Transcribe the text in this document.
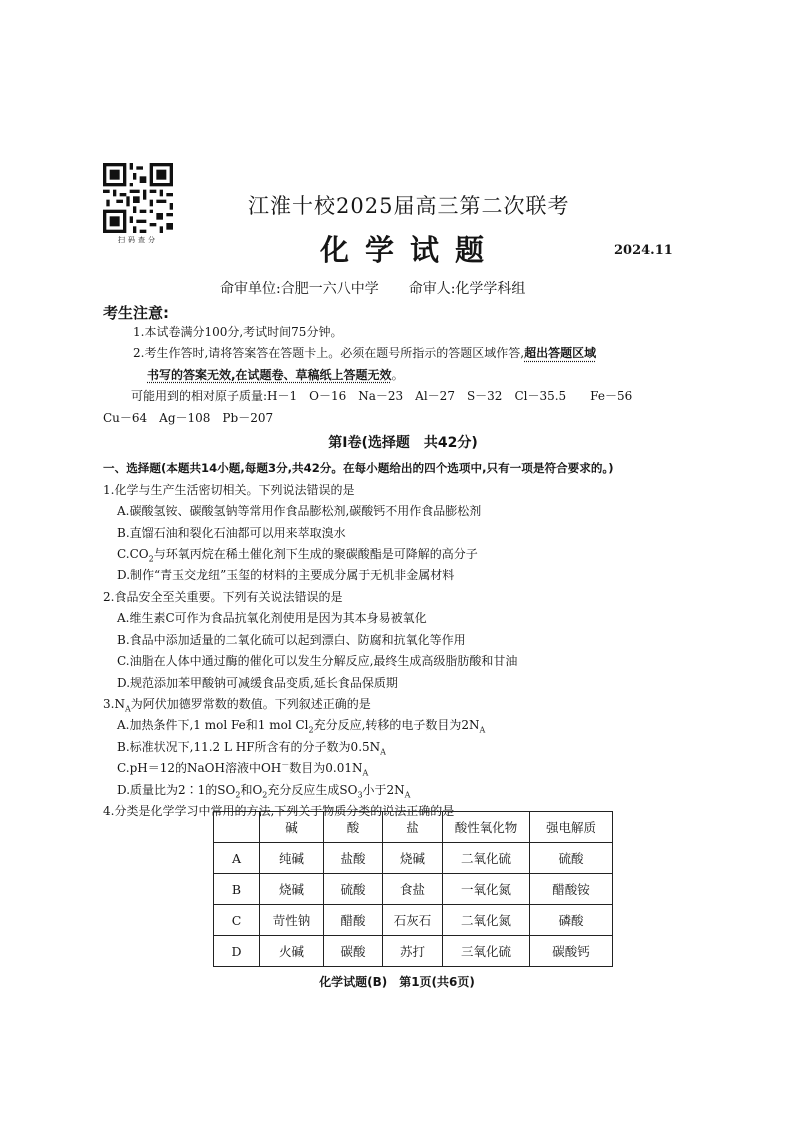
扫码查分
江淮十校2025届高三第二次联考
化学试题	2024.11
命审单位:合肥一六八中学 命审人:化学学科组
考生注意:

1.本试卷满分100分,考试时间75分钟。

2.考生作答时,请将答案答在答题卡上。必须在题号所指示的答题区域作答,超出答题区域

书写的答案无效,在试题卷、草稿纸上答题无效。

可能用到的相对原子质量:H－1　O－16　Na－23　Al－27　S－32　Cl－35.5　　Fe－56

Cu－64　Ag－108　Pb－207

第Ⅰ卷(选择题　共42分)

一、选择题(本题共14小题,每题3分,共42分。在每小题给出的四个选项中,只有一项是符合要求的。)

1.化学与生产生活密切相关。下列说法错误的是

A.碳酸氢铵、碳酸氢钠等常用作食品膨松剂,碳酸钙不用作食品膨松剂

B.直馏石油和裂化石油都可以用来萃取溴水

$C.CO_2$与环氧丙烷在稀土催化剂下生成的聚碳酸酯是可降解的高分子

D.制作“青玉交龙纽”玉玺的材料的主要成分属于无机非金属材料

2.食品安全至关重要。下列有关说法错误的是

A.维生素C可作为食品抗氧化剂使用是因为其本身易被氧化

B.食品中添加适量的二氧化硫可以起到漂白、防腐和抗氧化等作用

C.油脂在人体中通过酶的催化可以发生分解反应,最终生成高级脂肪酸和甘油

D.规范添加苯甲酸钠可减缓食品变质,延长食品保质期

$3.N_A$为阿伏加德罗常数的数值。下列叙述正确的是

A.加热条件下,1 mol Fe和1 mol $Cl_2$充分反应,转移的电子数目为$2N_A$

B.标准状况下,11.2 L HF所含有的分子数为$0.5N_A$

C.pH＝12的NaOH溶液中OH－数目为$0.01N_A$

D.质量比为2∶1的$SO_2$和$O_2$充分反应生成$SO_3$小于$2N_A$

4.分类是化学学习中常用的方法,下列关于物质分类的说法正确的是

	碱	酸	盐	酸性氧化物	强电解质
A	纯碱	盐酸	烧碱	二氧化硫	硫酸
B	烧碱	硫酸	食盐	一氧化氮	醋酸铵
C	苛性钠	醋酸	石灰石	二氧化氮	磷酸
D	火碱	碳酸	苏打	三氧化硫	碳酸钙
化学试题(B)　第1页(共6页)
